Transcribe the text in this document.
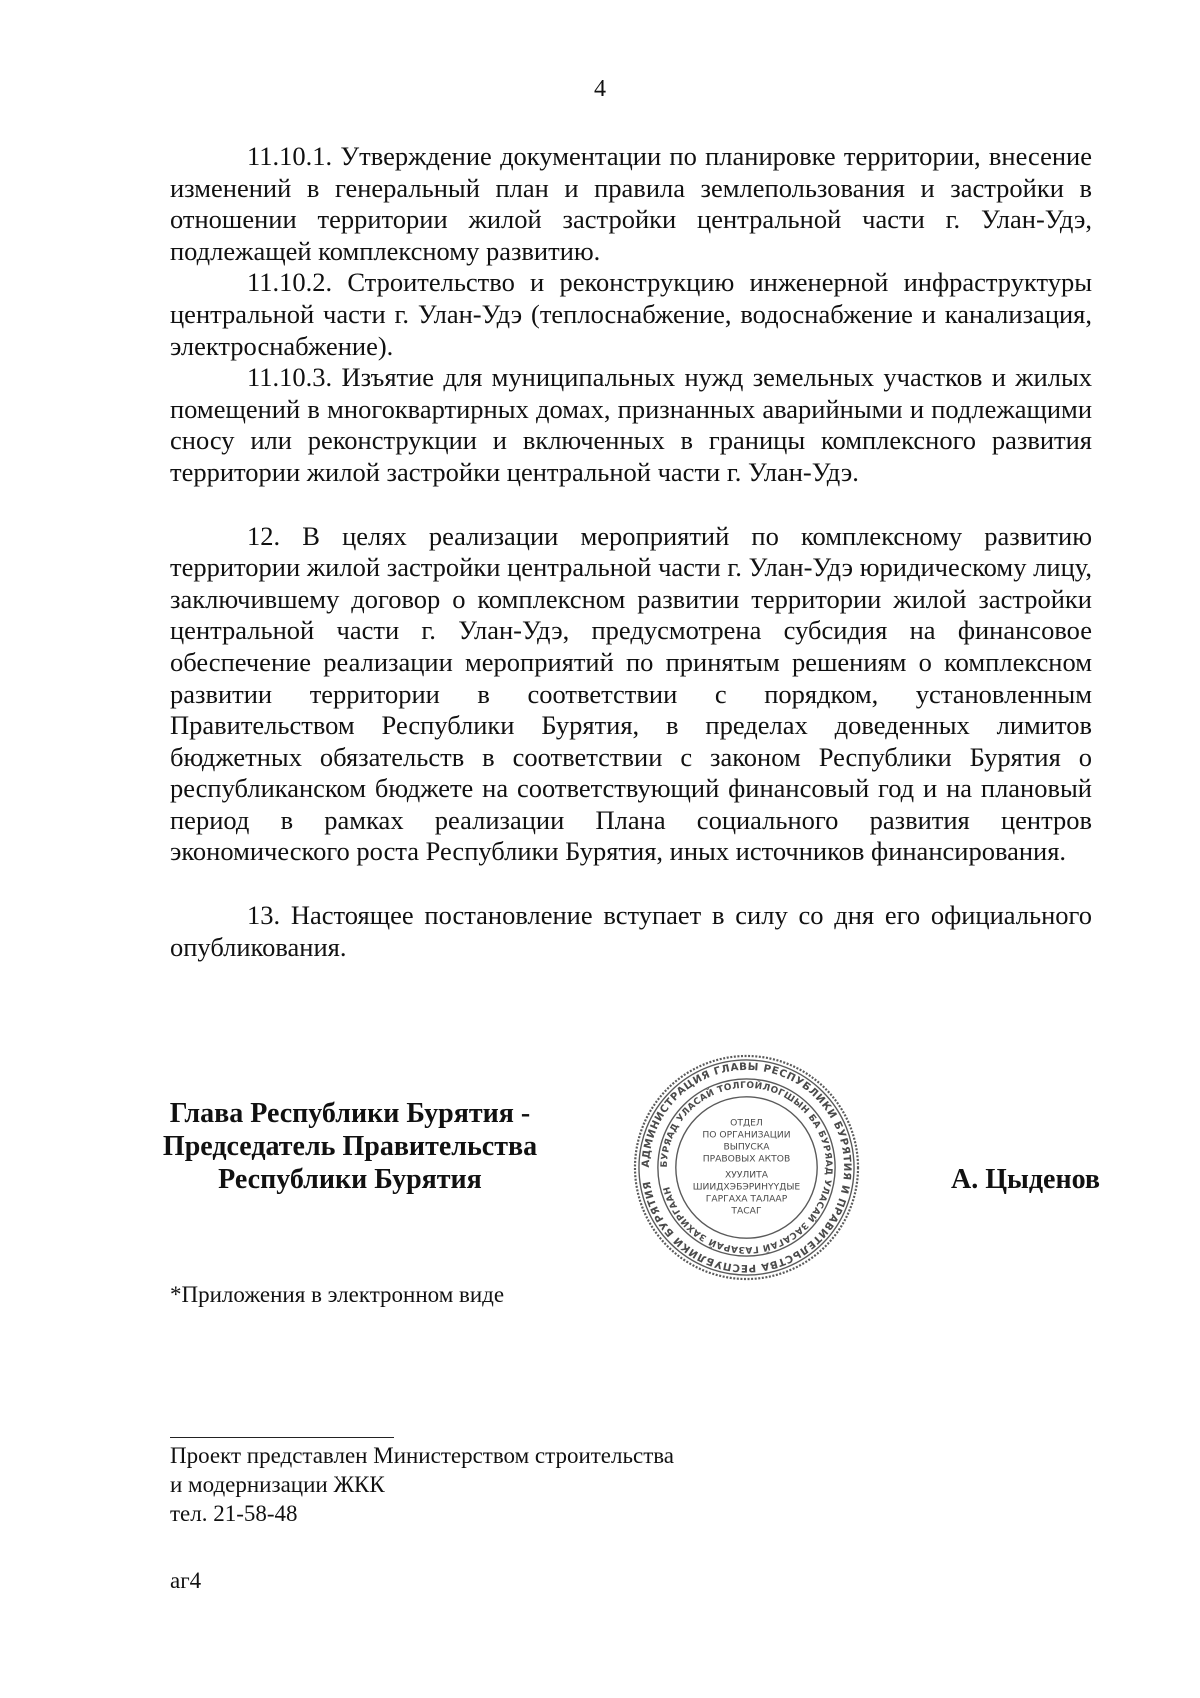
4

11.10.1. Утверждение документации по планировке территории, внесение изменений в генеральный план и правила землепользования и застройки в отношении территории жилой застройки центральной части г. Улан-Удэ, подлежащей комплексному развитию.

11.10.2. Строительство и реконструкцию инженерной инфраструктуры центральной части г. Улан-Удэ (теплоснабжение, водоснабжение и канализация, электроснабжение).

11.10.3. Изъятие для муниципальных нужд земельных участков и жилых помещений в многоквартирных домах, признанных аварийными и подлежащими сносу или реконструкции и включенных в границы комплексного развития территории жилой застройки центральной части г. Улан-Удэ.

12. В целях реализации мероприятий по комплексному развитию территории жилой застройки центральной части г. Улан-Удэ юридическому лицу, заключившему договор о комплексном развитии территории жилой застройки центральной части г. Улан-Удэ, предусмотрена субсидия на финансовое обеспечение реализации мероприятий по принятым решениям о комплексном развитии территории в соответствии с порядком, установленным Правительством Республики Бурятия, в пределах доведенных лимитов бюджетных обязательств в соответствии с законом Республики Бурятия о республиканском бюджете на соответствующий финансовый год и на плановый период в рамках реализации Плана социального развития центров экономического роста Республики Бурятия, иных источников финансирования.

13. Настоящее постановление вступает в силу со дня его официального опубликования.

Глава Республики Бурятия -
Председатель Правительства
Республики Бурятия
АДМИНИСТРАЦИЯ ГЛАВЫ РЕСПУБЛИКИ БУРЯТИЯ И ПРАВИТЕЛЬСТВА РЕСПУБЛИКИ БУРЯТИЯ
БУРЯАД УЛАСАЙ ТОЛГОЙЛОГШЫН БА БУРЯАД УЛАСАЙ ЗАСАГАЙ ГАЗАРАЙ ЗАХИРГААН
ОТДЕЛ
ПО ОРГАНИЗАЦИИ
ВЫПУСКА
ПРАВОВЫХ АКТОВ
ХУУЛИТА
ШИИДХЭБЭРИНҮҮДЫЕ
ГАРГАХА ТАЛААР
ТАСАГ
А. Цыденов
*Приложения в электронном виде
Проект представлен Министерством строительства
и модернизации ЖКК
тел. 21-58-48
аг4
